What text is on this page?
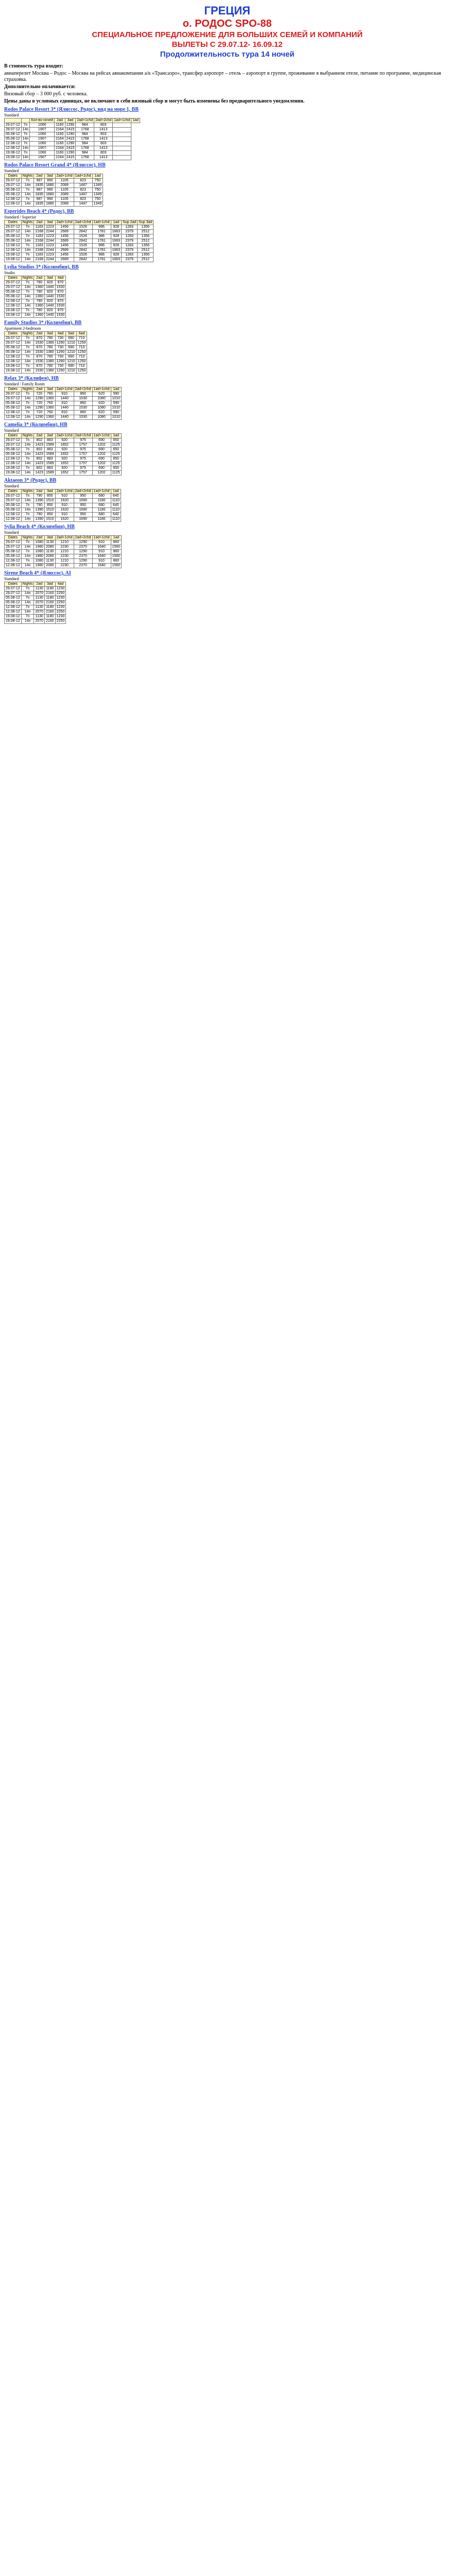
ГРЕЦИЯ
о. РОДОС SPO-88
СПЕЦИАЛЬНОЕ ПРЕДЛОЖЕНИЕ ДЛЯ БОЛЬШИХ СЕМЕЙ И КОМПАНИЙ
ВЫЛЕТЫ С 29.07.12- 16.09.12
Продолжительность тура 14 ночей
В стоимость тура входит:
авиаперелет Москва – Родос – Москва на рейсах авиакомпании а/к «Трансаэро», трансфер аэропорт – отель – аэропорт в группе, проживание в выбранном отеле, питание по программе, медицинская страховка.
Дополнительно оплачивается:
Визовый сбор – 3 000 руб. с человека.
Цены даны в условных единицах, не включают в себя визовый сбор и могут быть изменены без предварительного уведомления.
Rodos Palace Resort 3* (Ялиссос, Родос), вид на море 1, ВВ
Standard
		Кол-во ночей	2ad	3ad	2ad+1chd	2ad+2chd	1ad+1chd	1ad
29.07-12	7n	1060	1160	1290	984	803		
29.07-12	14n	1907	2164	2415	1768	1413		
05.08-12	7n	1060	1160	1290	984	803		
05.08-12	14n	1907	2164	2415	1768	1413		
12.08-12	7n	1060	1160	1290	984	803		
12.08-12	14n	1907	2164	2415	1768	1413		
19.08-12	7n	1060	1160	1290	984	803		
19.08-12	14n	1907	2164	2415	1768	1413		
Rodos Palace Resort Grand 4* (Ялиссос), HB
Standard
Dates	Nights	2ad	3ad	2ad+1chd	1ad+1chd	1ad
29.07-12	7n	987	990	1105	823	750
29.07-12	14n	1835	1880	2089	1487	1349
05.08-12	7n	987	990	1105	823	750
05.08-12	14n	1835	1880	2089	1487	1349
12.08-12	7n	987	990	1105	823	750
12.08-12	14n	1835	1880	2089	1487	1349
Esperides Beach 4* (Родос), BB
Standard / Superior
Dates	Nights	2ad	3ad	2ad+1chd	2ad+2chd	1ad+1chd	1ad	Sup 2ad	Sup 3ad
29.07-12	7n	1183	1223	1456	1526	986	928	1283	1356
29.07-12	14n	2168	2244	2689	2842	1781	1663	2379	2512
05.08-12	7n	1183	1223	1456	1526	986	928	1283	1356
05.08-12	14n	2168	2244	2689	2842	1781	1663	2379	2512
12.08-12	7n	1183	1223	1456	1526	986	928	1283	1356
12.08-12	14n	2168	2244	2689	2842	1781	1663	2379	2512
19.08-12	7n	1183	1223	1456	1526	986	928	1283	1356
19.08-12	14n	2168	2244	2689	2842	1781	1663	2379	2512
Lydia Studios 3* (Колимбия), BB
Studio
Dates	Nights	2ad	3ad	4ad
29.07-12	7n	780	820	870
29.07-12	14n	1360	1440	1530
05.08-12	7n	780	820	870
05.08-12	14n	1360	1440	1530
12.08-12	7n	780	820	870
12.08-12	14n	1360	1440	1530
19.08-12	7n	780	820	870
19.08-12	14n	1360	1440	1530
Family Studios 3* (Колимбия), BB
Apartment 2-bedroom
Dates	Nights	2ad	3ad	4ad	5ad	6ad
29.07-12	7n	870	780	730	690	710
29.07-12	14n	1530	1380	1290	1210	1250
05.08-12	7n	870	780	730	690	710
05.08-12	14n	1530	1380	1290	1210	1250
12.08-12	7n	870	780	730	690	710
12.08-12	14n	1530	1380	1290	1210	1250
19.08-12	7n	870	780	730	690	710
19.08-12	14n	1530	1380	1290	1210	1250
Relax 3* (Калифея), HB
Standard / Family Room
Dates	Nights	2ad	3ad	2ad+1chd	2ad+2chd	1ad+1chd	1ad
29.07-12	7n	720	760	810	860	620	590
29.07-12	14n	1290	1360	1440	1530	1080	1010
05.08-12	7n	720	760	810	860	620	590
05.08-12	14n	1290	1360	1440	1530	1080	1010
12.08-12	7n	720	760	810	860	620	590
12.08-12	14n	1290	1360	1440	1530	1080	1010
Camelia 3* (Колимбия), HB
Standard
Dates	Nights	2ad	3ad	2ad+1chd	2ad+2chd	1ad+1chd	1ad
29.07-12	7n	802	883	920	975	690	650
29.07-12	14n	1423	1589	1652	1757	1202	1125
05.08-12	7n	802	883	920	975	690	650
05.08-12	14n	1423	1589	1652	1757	1202	1125
12.08-12	7n	802	883	920	975	690	650
12.08-12	14n	1423	1589	1652	1757	1202	1125
19.08-12	7n	802	883	920	975	690	650
19.08-12	14n	1423	1589	1652	1757	1202	1125
Aktaeon 3* (Родос), BB
Standard
Dates	Nights	2ad	3ad	2ad+1chd	2ad+2chd	1ad+1chd	1ad
29.07-12	7n	790	850	910	950	680	640
29.07-12	14n	1390	1510	1620	1690	1180	1110
05.08-12	7n	790	850	910	950	680	640
05.08-12	14n	1390	1510	1620	1690	1180	1110
12.08-12	7n	790	850	910	950	680	640
12.08-12	14n	1390	1510	1620	1690	1180	1110
Sylia Beach 4* (Колимбия), HB
Standard
Dates	Nights	2ad	3ad	2ad+1chd	2ad+2chd	1ad+1chd	1ad
29.07-12	7n	1080	1130	1210	1290	910	860
29.07-12	14n	1980	2080	2230	2370	1640	1560
05.08-12	7n	1080	1130	1210	1290	910	860
05.08-12	14n	1980	2080	2230	2370	1640	1560
12.08-12	7n	1080	1130	1210	1290	910	860
12.08-12	14n	1980	2080	2230	2370	1640	1560
Sirene Beach 4* (Ялиссос), AI
Standard
Dates	Nights	2ad	3ad	4ad
29.07-12	7n	1130	1180	1230
29.07-12	14n	2070	2160	2250
05.08-12	7n	1130	1180	1230
05.08-12	14n	2070	2160	2250
12.08-12	7n	1130	1180	1230
12.08-12	14n	2070	2160	2250
19.08-12	7n	1130	1180	1230
19.08-12	14n	2070	2160	2250
